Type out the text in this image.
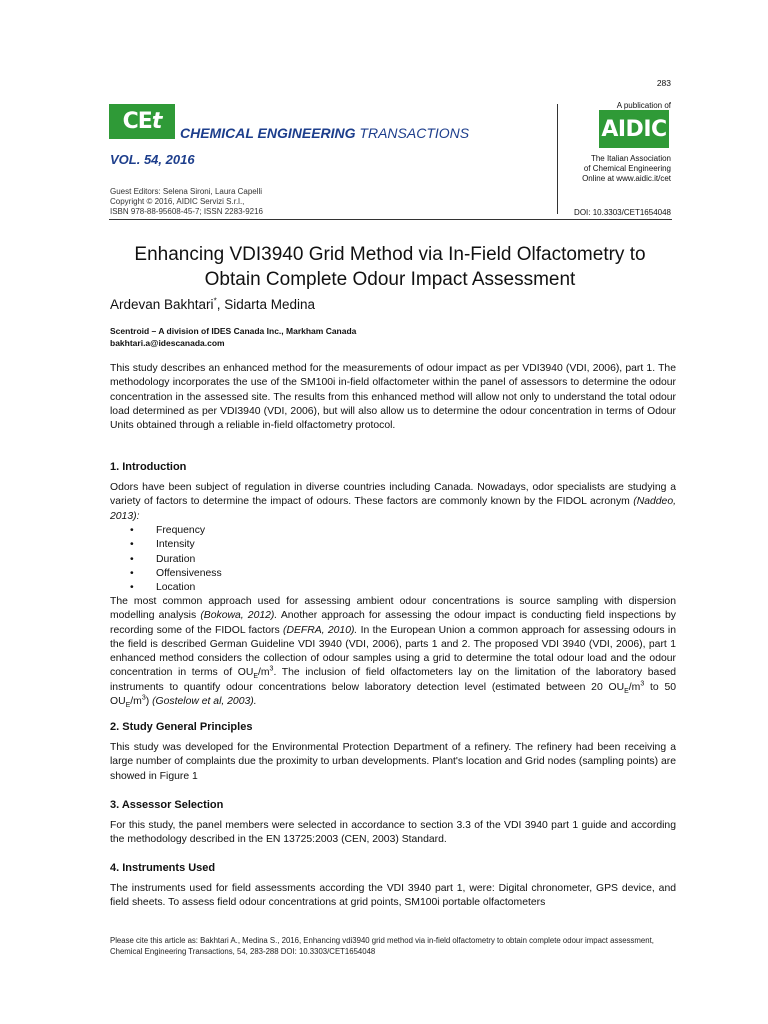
283
CEt CHEMICAL ENGINEERING TRANSACTIONS
VOL. 54, 2016
Guest Editors: Selena Sironi, Laura Capelli
Copyright © 2016, AIDIC Servizi S.r.l.,
ISBN 978-88-95608-45-7; ISSN 2283-9216
A publication of
AIDIC
The Italian Association
of Chemical Engineering
Online at www.aidic.it/cet
DOI: 10.3303/CET1654048
Enhancing VDI3940 Grid Method via In-Field Olfactometry to
Obtain Complete Odour Impact Assessment
Ardevan Bakhtari*, Sidarta Medina
Scentroid – A division of IDES Canada Inc., Markham Canada
bakhtari.a@idescanada.com
This study describes an enhanced method for the measurements of odour impact as per VDI3940 (VDI, 2006), part 1. The methodology incorporates the use of the SM100i in-field olfactometer within the panel of assessors to determine the odour concentration in the assessed site. The results from this enhanced method will allow not only to understand the total odour load determined as per VDI3940 (VDI, 2006), but will also allow us to determine the odour concentration in terms of Odour Units obtained through a reliable in-field olfactometry protocol.
1. Introduction
Odors have been subject of regulation in diverse countries including Canada. Nowadays, odor specialists are studying a variety of factors to determine the impact of odours. These factors are commonly known by the FIDOL acronym (Naddeo, 2013):
• Frequency
• Intensity
• Duration
• Offensiveness
• Location
The most common approach used for assessing ambient odour concentrations is source sampling with dispersion modelling analysis (Bokowa, 2012). Another approach for assessing the odour impact is conducting field inspections by recording some of the FIDOL factors (DEFRA, 2010). In the European Union a common approach for assessing odours in the field is described German Guideline VDI 3940 (VDI, 2006), parts 1 and 2. The proposed VDI 3940 (VDI, 2006), part 1 enhanced method considers the collection of odour samples using a grid to determine the total odour load and the odour concentration in terms of $OU_E/m^3$. The inclusion of field olfactometers lay on the limitation of the laboratory based instruments to quantify odour concentrations below laboratory detection level (estimated between 20 $OU_E/m^3$ to 50 $OU_E/m^3$) (Gostelow et al, 2003).
2. Study General Principles
This study was developed for the Environmental Protection Department of a refinery. The refinery had been receiving a large number of complaints due the proximity to urban developments. Plant's location and Grid nodes (sampling points) are showed in Figure 1
3. Assessor Selection
For this study, the panel members were selected in accordance to section 3.3 of the VDI 3940 part 1 guide and according the methodology described in the EN 13725:2003 (CEN, 2003) Standard.
4. Instruments Used
The instruments used for field assessments according the VDI 3940 part 1, were: Digital chronometer, GPS device, and field sheets. To assess field odour concentrations at grid points, SM100i portable olfactometers
Please cite this article as: Bakhtari A., Medina S., 2016, Enhancing vdi3940 grid method via in-field olfactometry to obtain complete odour impact assessment, Chemical Engineering Transactions, 54, 283-288 DOI: 10.3303/CET1654048
